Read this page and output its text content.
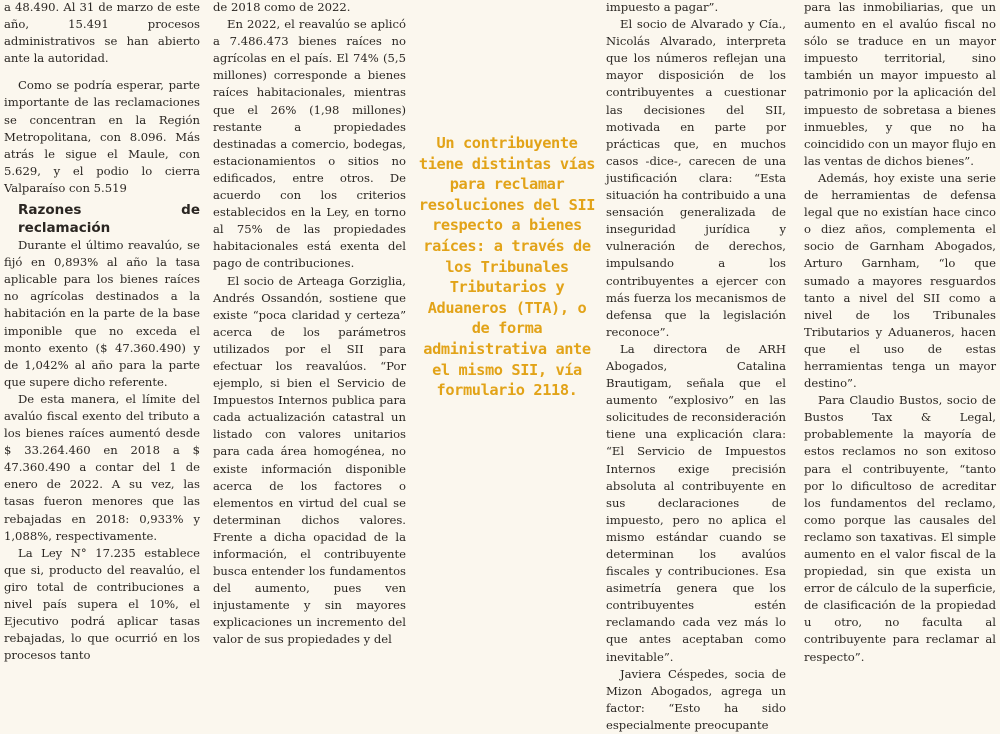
a 48.490. Al 31 de marzo de este año, 15.491 procesos administrativos se han abierto ante la autoridad.

Como se podría esperar, parte importante de las reclamaciones se concentran en la Región Metropolitana, con 8.096. Más atrás le sigue el Maule, con 5.629, y el podio lo cierra Valparaíso con 5.519

Razones de reclamación

Durante el último reavalúo, se fijó en 0,893% al año la tasa aplicable para los bienes raíces no agrícolas destinados a la habitación en la parte de la base imponible que no exceda el monto exento ($ 47.360.490) y de 1,042% al año para la parte que supere dicho referente.

De esta manera, el límite del avalúo fiscal exento del tributo a los bienes raíces aumentó desde $ 33.264.460 en 2018 a $ 47.360.490 a contar del 1 de enero de 2022. A su vez, las tasas fueron menores que las rebajadas en 2018: 0,933% y 1,088%, respectivamente.

La Ley N° 17.235 establece que si, producto del reavalúo, el giro total de contribuciones a nivel país supera el 10%, el Ejecutivo podrá aplicar tasas rebajadas, lo que ocurrió en los procesos tanto

de 2018 como de 2022.

En 2022, el reavalúo se aplicó a 7.486.473 bienes raíces no agrícolas en el país. El 74% (5,5 millones) corresponde a bienes raíces habitacionales, mientras que el 26% (1,98 millones) restante a propiedades destinadas a comercio, bodegas, estacionamientos o sitios no edificados, entre otros. De acuerdo con los criterios establecidos en la Ley, en torno al 75% de las propiedades habitacionales está exenta del pago de contribuciones.

El socio de Arteaga Gorziglia, Andrés Ossandón, sostiene que existe “poca claridad y certeza” acerca de los parámetros utilizados por el SII para efectuar los reavalúos. “Por ejemplo, si bien el Servicio de Impuestos Internos publica para cada actualización catastral un listado con valores unitarios para cada área homogénea, no existe información disponible acerca de los factores o elementos en virtud del cual se determinan dichos valores. Frente a dicha opacidad de la información, el contribuyente busca entender los fundamentos del aumento, pues ven injustamente y sin mayores explicaciones un incremento del valor de sus propiedades y del

Un contribuyente tiene distintas vías para reclamar resoluciones del SII respecto a bienes raíces: a través de los Tribunales Tributarios y Aduaneros (TTA), o de forma administrativa ante el mismo SII, vía formulario 2118.

impuesto a pagar”.

El socio de Alvarado y Cía., Nicolás Alvarado, interpreta que los números reflejan una mayor disposición de los contribuyentes a cuestionar las decisiones del SII, motivada en parte por prácticas que, en muchos casos -dice-, carecen de una justificación clara: “Esta situación ha contribuido a una sensación generalizada de inseguridad jurídica y vulneración de derechos, impulsando a los contribuyentes a ejercer con más fuerza los mecanismos de defensa que la legislación reconoce”.

La directora de ARH Abogados, Catalina Brautigam, señala que el aumento “explosivo” en las solicitudes de reconsideración tiene una explicación clara: “El Servicio de Impuestos Internos exige precisión absoluta al contribuyente en sus declaraciones de impuesto, pero no aplica el mismo estándar cuando se determinan los avalúos fiscales y contribuciones. Esa asimetría genera que los contribuyentes estén reclamando cada vez más lo que antes aceptaban como inevitable”.

Javiera Céspedes, socia de Mizon Abogados, agrega un factor: “Esto ha sido especialmente preocupante

para las inmobiliarias, que un aumento en el avalúo fiscal no sólo se traduce en un mayor impuesto territorial, sino también un mayor impuesto al patrimonio por la aplicación del impuesto de sobretasa a bienes inmuebles, y que no ha coincidido con un mayor flujo en las ventas de dichos bienes”.

Además, hoy existe una serie de herramientas de defensa legal que no existían hace cinco o diez años, complementa el socio de Garnham Abogados, Arturo Garnham, “lo que sumado a mayores resguardos tanto a nivel del SII como a nivel de los Tribunales Tributarios y Aduaneros, hacen que el uso de estas herramientas tenga un mayor destino”.

Para Claudio Bustos, socio de Bustos Tax & Legal, probablemente la mayoría de estos reclamos no son exitoso para el contribuyente, “tanto por lo dificultoso de acreditar los fundamentos del reclamo, como porque las causales del reclamo son taxativas. El simple aumento en el valor fiscal de la propiedad, sin que exista un error de cálculo de la superficie, de clasificación de la propiedad u otro, no faculta al contribuyente para reclamar al respecto”.
